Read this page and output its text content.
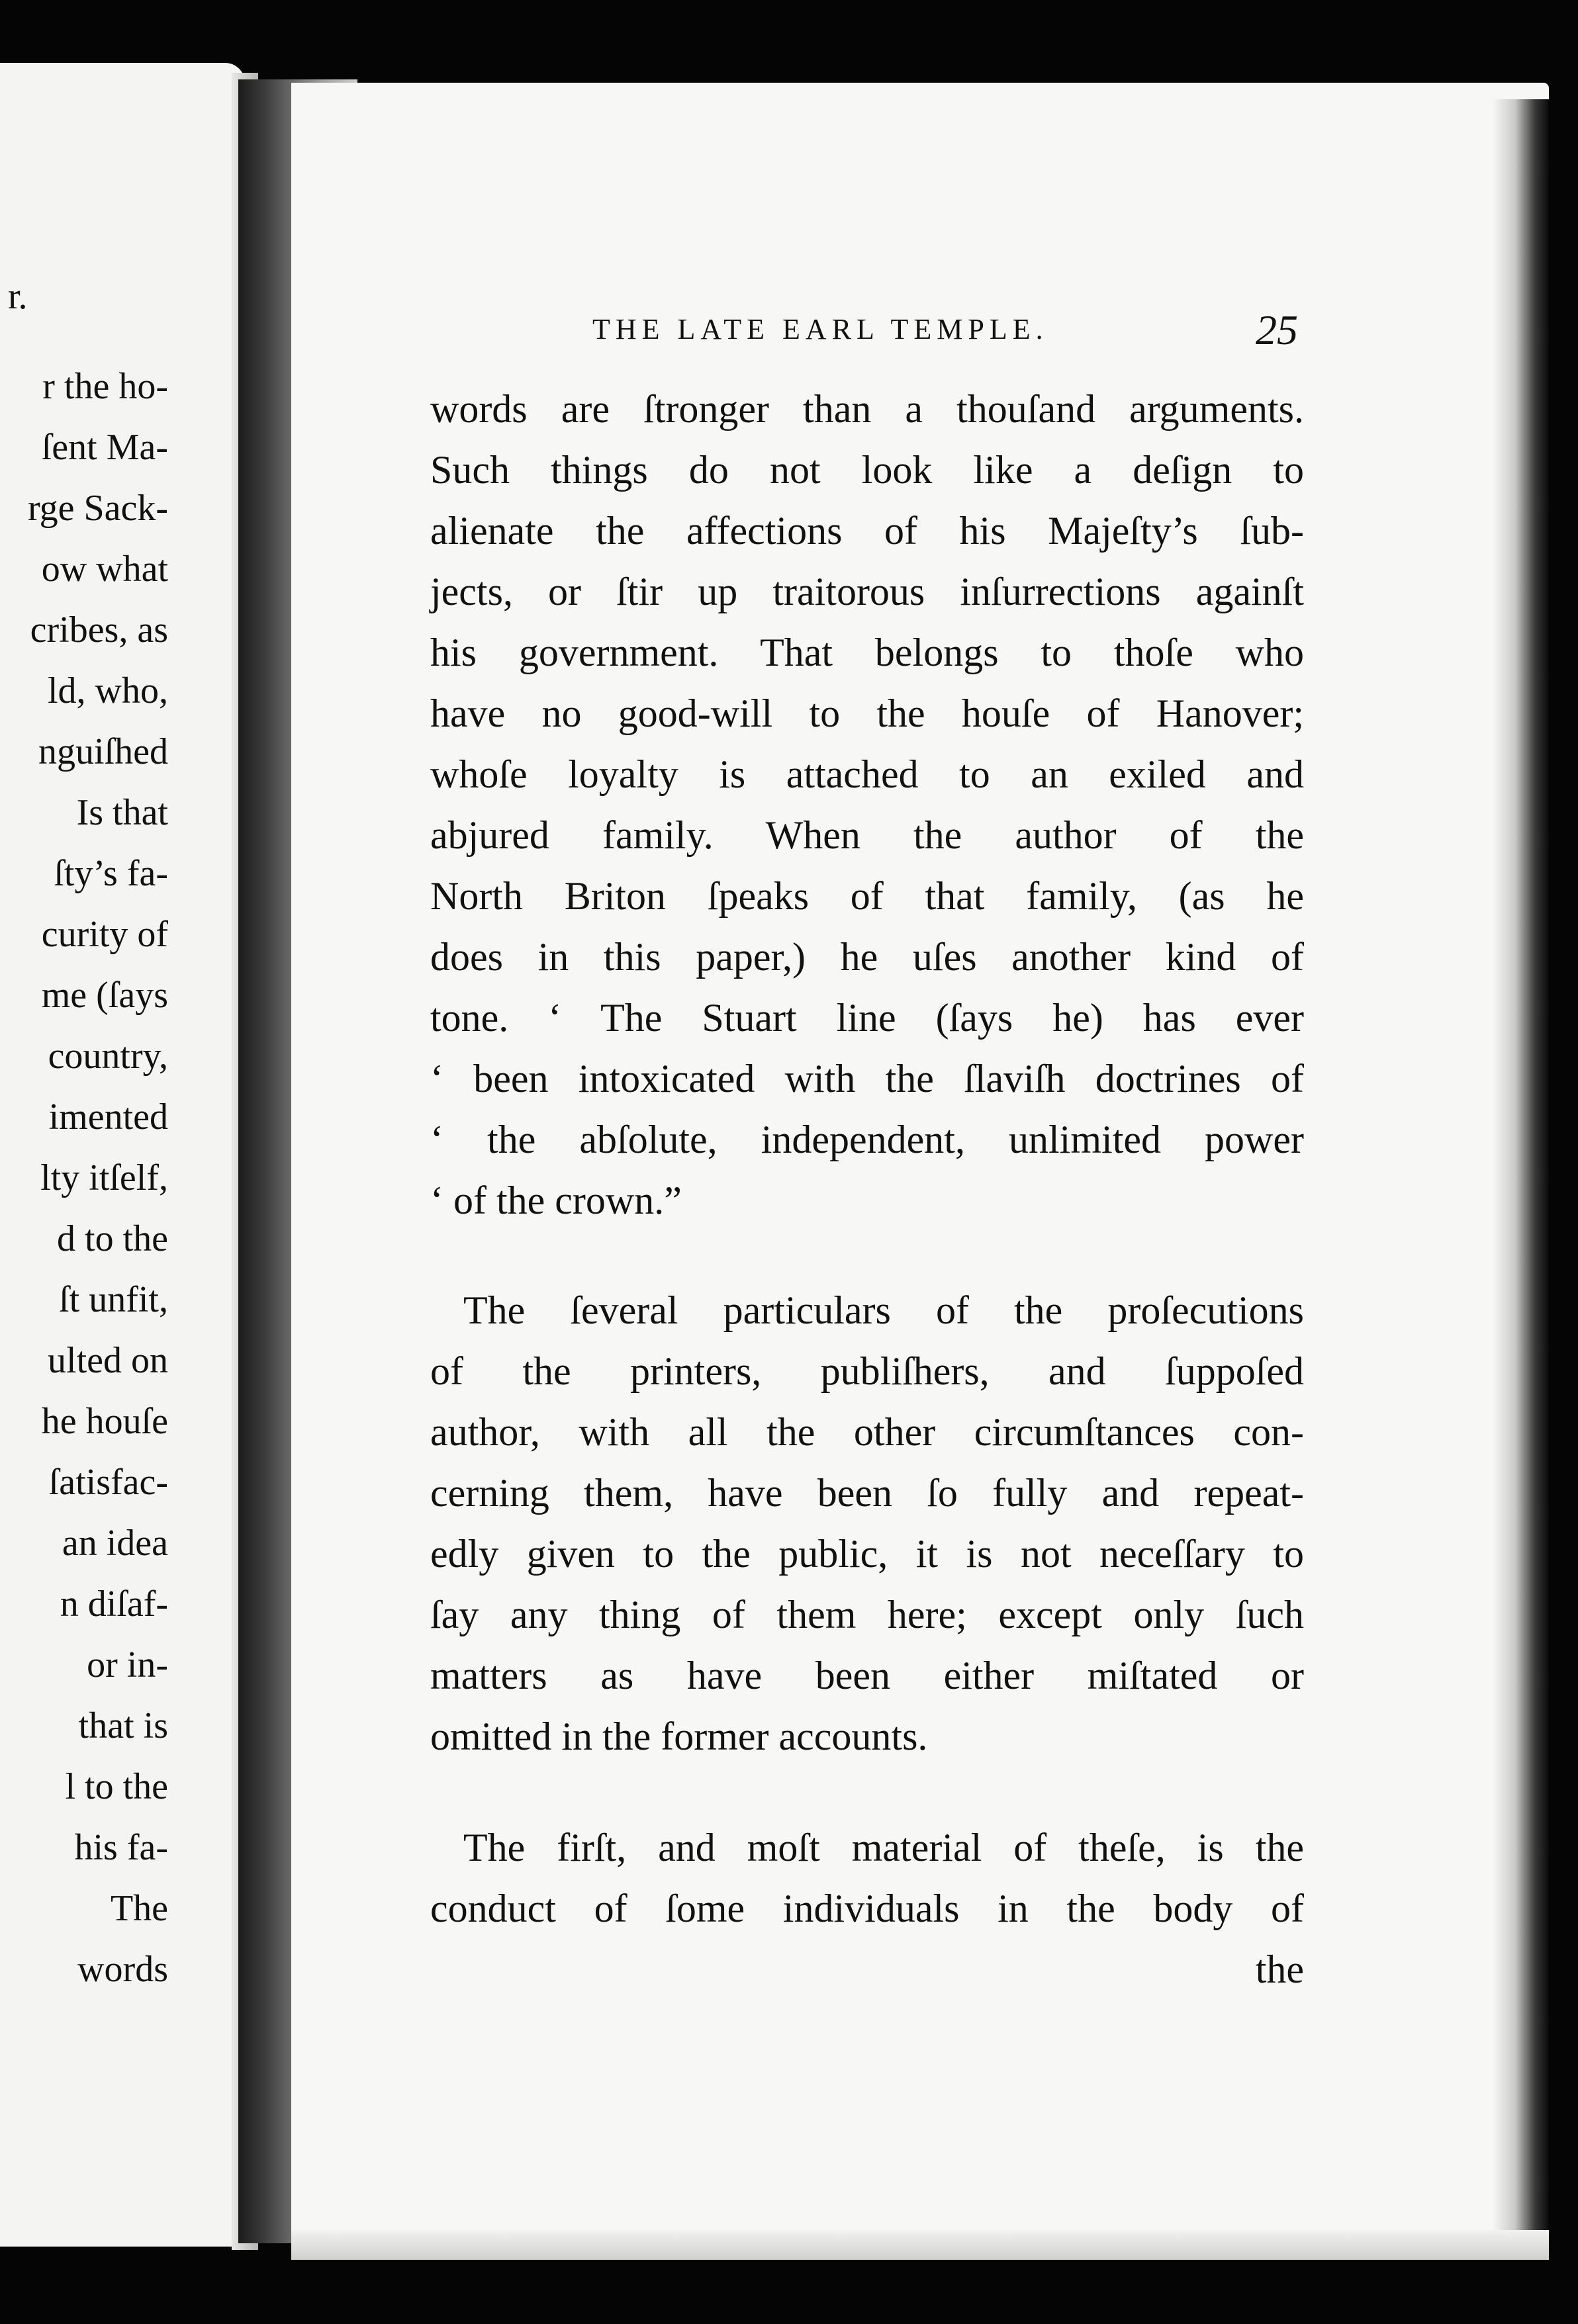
THE LATE EARL TEMPLE.	25
words are ſtronger than a thouſand arguments.
Such things do not look like a deſign to
alienate the affections of his Majeſty’s ſub-
jects, or ſtir up traitorous inſurrections againſt
his government. That belongs to thoſe who
have no good-will to the houſe of Hanover;
whoſe loyalty is attached to an exiled and
abjured family. When the author of the
North Briton ſpeaks of that family, (as he
does in this paper,) he uſes another kind of
tone. ‘ The Stuart line (ſays he) has ever
‘ been intoxicated with the ſlaviſh doctrines of
‘ the abſolute, independent, unlimited power
‘ of the crown.”
The ſeveral particulars of the proſecutions
of the printers, publiſhers, and ſuppoſed
author, with all the other circumſtances con-
cerning them, have been ſo fully and repeat-
edly given to the public, it is not neceſſary to
ſay any thing of them here; except only ſuch
matters as have been either miſtated or
omitted in the former accounts.
The firſt, and moſt material of theſe, is the
conduct of ſome individuals in the body of
the
r.
r the ho-
ſent Ma-
rge Sack-
ow what
cribes, as
ld, who,
nguiſhed
Is that
ſty’s fa-
curity of
me (ſays
country,
imented
lty itſelf,
d to the
ſt unfit,
ulted on
he houſe
ſatisfac-
an idea
n diſaf-
or in-
that is
l to the
his fa-
The
words
